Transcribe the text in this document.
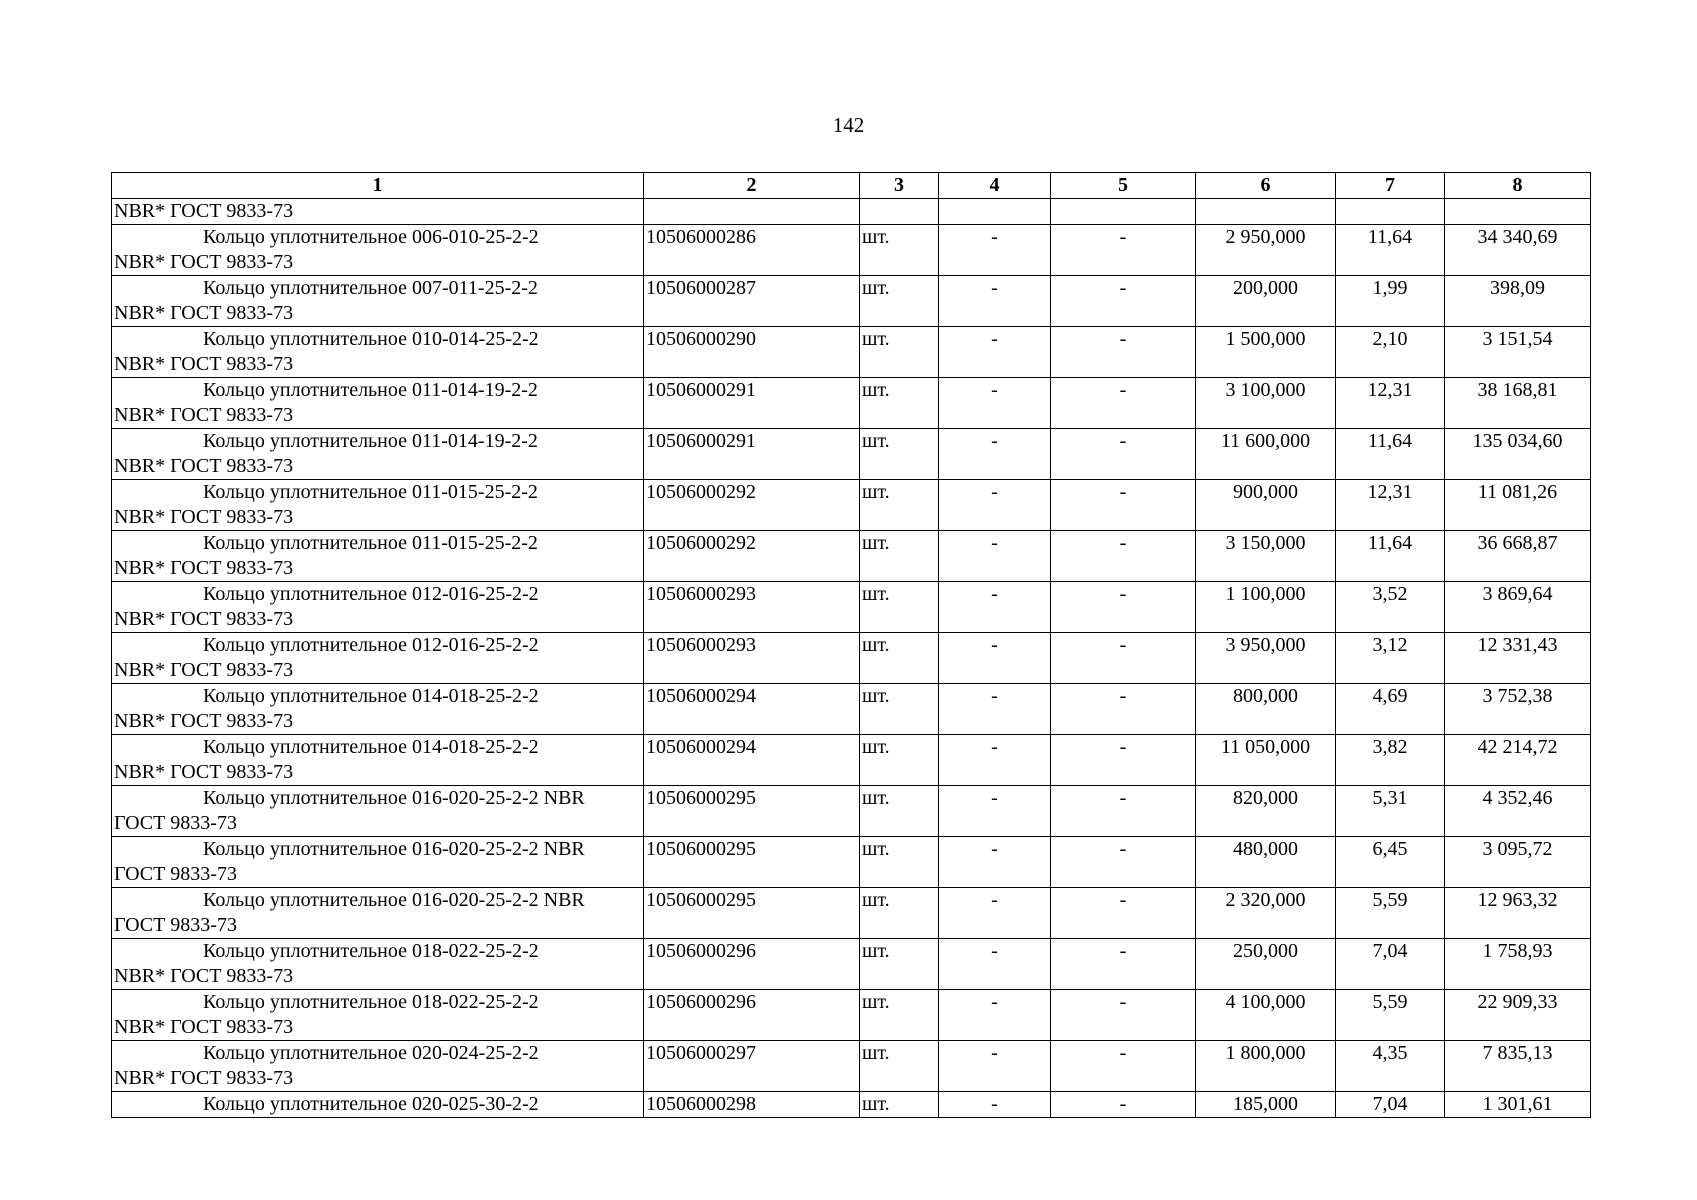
142
1	2	3	4	5	6	7	8
NBR* ГОСТ 9833-73							
Кольцо уплотнительное 006-010-25-2-2
NBR* ГОСТ 9833-73	10506000286	шт.	-	-	2 950,000	11,64	34 340,69
Кольцо уплотнительное 007-011-25-2-2
NBR* ГОСТ 9833-73	10506000287	шт.	-	-	200,000	1,99	398,09
Кольцо уплотнительное 010-014-25-2-2
NBR* ГОСТ 9833-73	10506000290	шт.	-	-	1 500,000	2,10	3 151,54
Кольцо уплотнительное 011-014-19-2-2
NBR* ГОСТ 9833-73	10506000291	шт.	-	-	3 100,000	12,31	38 168,81
Кольцо уплотнительное 011-014-19-2-2
NBR* ГОСТ 9833-73	10506000291	шт.	-	-	11 600,000	11,64	135 034,60
Кольцо уплотнительное 011-015-25-2-2
NBR* ГОСТ 9833-73	10506000292	шт.	-	-	900,000	12,31	11 081,26
Кольцо уплотнительное 011-015-25-2-2
NBR* ГОСТ 9833-73	10506000292	шт.	-	-	3 150,000	11,64	36 668,87
Кольцо уплотнительное 012-016-25-2-2
NBR* ГОСТ 9833-73	10506000293	шт.	-	-	1 100,000	3,52	3 869,64
Кольцо уплотнительное 012-016-25-2-2
NBR* ГОСТ 9833-73	10506000293	шт.	-	-	3 950,000	3,12	12 331,43
Кольцо уплотнительное 014-018-25-2-2
NBR* ГОСТ 9833-73	10506000294	шт.	-	-	800,000	4,69	3 752,38
Кольцо уплотнительное 014-018-25-2-2
NBR* ГОСТ 9833-73	10506000294	шт.	-	-	11 050,000	3,82	42 214,72
Кольцо уплотнительное 016-020-25-2-2 NBR
ГОСТ 9833-73	10506000295	шт.	-	-	820,000	5,31	4 352,46
Кольцо уплотнительное 016-020-25-2-2 NBR
ГОСТ 9833-73	10506000295	шт.	-	-	480,000	6,45	3 095,72
Кольцо уплотнительное 016-020-25-2-2 NBR
ГОСТ 9833-73	10506000295	шт.	-	-	2 320,000	5,59	12 963,32
Кольцо уплотнительное 018-022-25-2-2
NBR* ГОСТ 9833-73	10506000296	шт.	-	-	250,000	7,04	1 758,93
Кольцо уплотнительное 018-022-25-2-2
NBR* ГОСТ 9833-73	10506000296	шт.	-	-	4 100,000	5,59	22 909,33
Кольцо уплотнительное 020-024-25-2-2
NBR* ГОСТ 9833-73	10506000297	шт.	-	-	1 800,000	4,35	7 835,13
Кольцо уплотнительное 020-025-30-2-2	10506000298	шт.	-	-	185,000	7,04	1 301,61
